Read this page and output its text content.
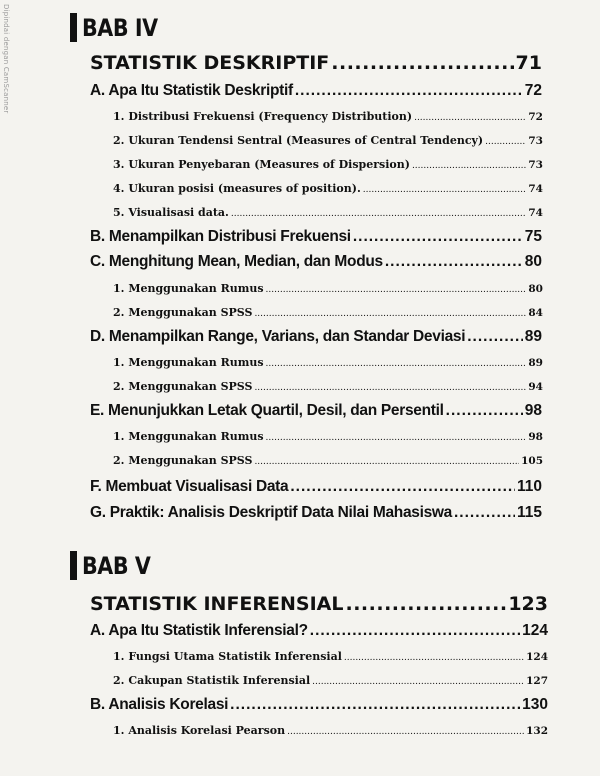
Dipindai dengan CamScanner	BAB IV
STATISTIK DESKRIPTIF .....	71
A. Apa Itu Statistik Deskriptif .....	72
1. Distribusi Frekuensi (Frequency Distribution) .....	72
2. Ukuran Tendensi Sentral (Measures of Central Tendency) .....	73
3. Ukuran Penyebaran (Measures of Dispersion) .....	73
4. Ukuran posisi (measures of position). .....	74
5. Visualisasi data. .....	74
B. Menampilkan Distribusi Frekuensi .....	75
C. Menghitung Mean, Median, dan Modus .....	80
1. Menggunakan Rumus .....	80
2. Menggunakan SPSS .....	84
D. Menampilkan Range, Varians, dan Standar Deviasi .....	89
1. Menggunakan Rumus .....	89
2. Menggunakan SPSS .....	94
E. Menunjukkan Letak Quartil, Desil, dan Persentil .....	98
1. Menggunakan Rumus .....	98
2. Menggunakan SPSS .....	105
F. Membuat Visualisasi Data .....	110
G. Praktik: Analisis Deskriptif Data Nilai Mahasiswa .....	115
BAB V
STATISTIK INFERENSIAL .....	123
A. Apa Itu Statistik Inferensial? .....	124
1. Fungsi Utama Statistik Inferensial .....	124
2. Cakupan Statistik Inferensial .....	127
B. Analisis Korelasi .....	130
1. Analisis Korelasi Pearson .....	132
